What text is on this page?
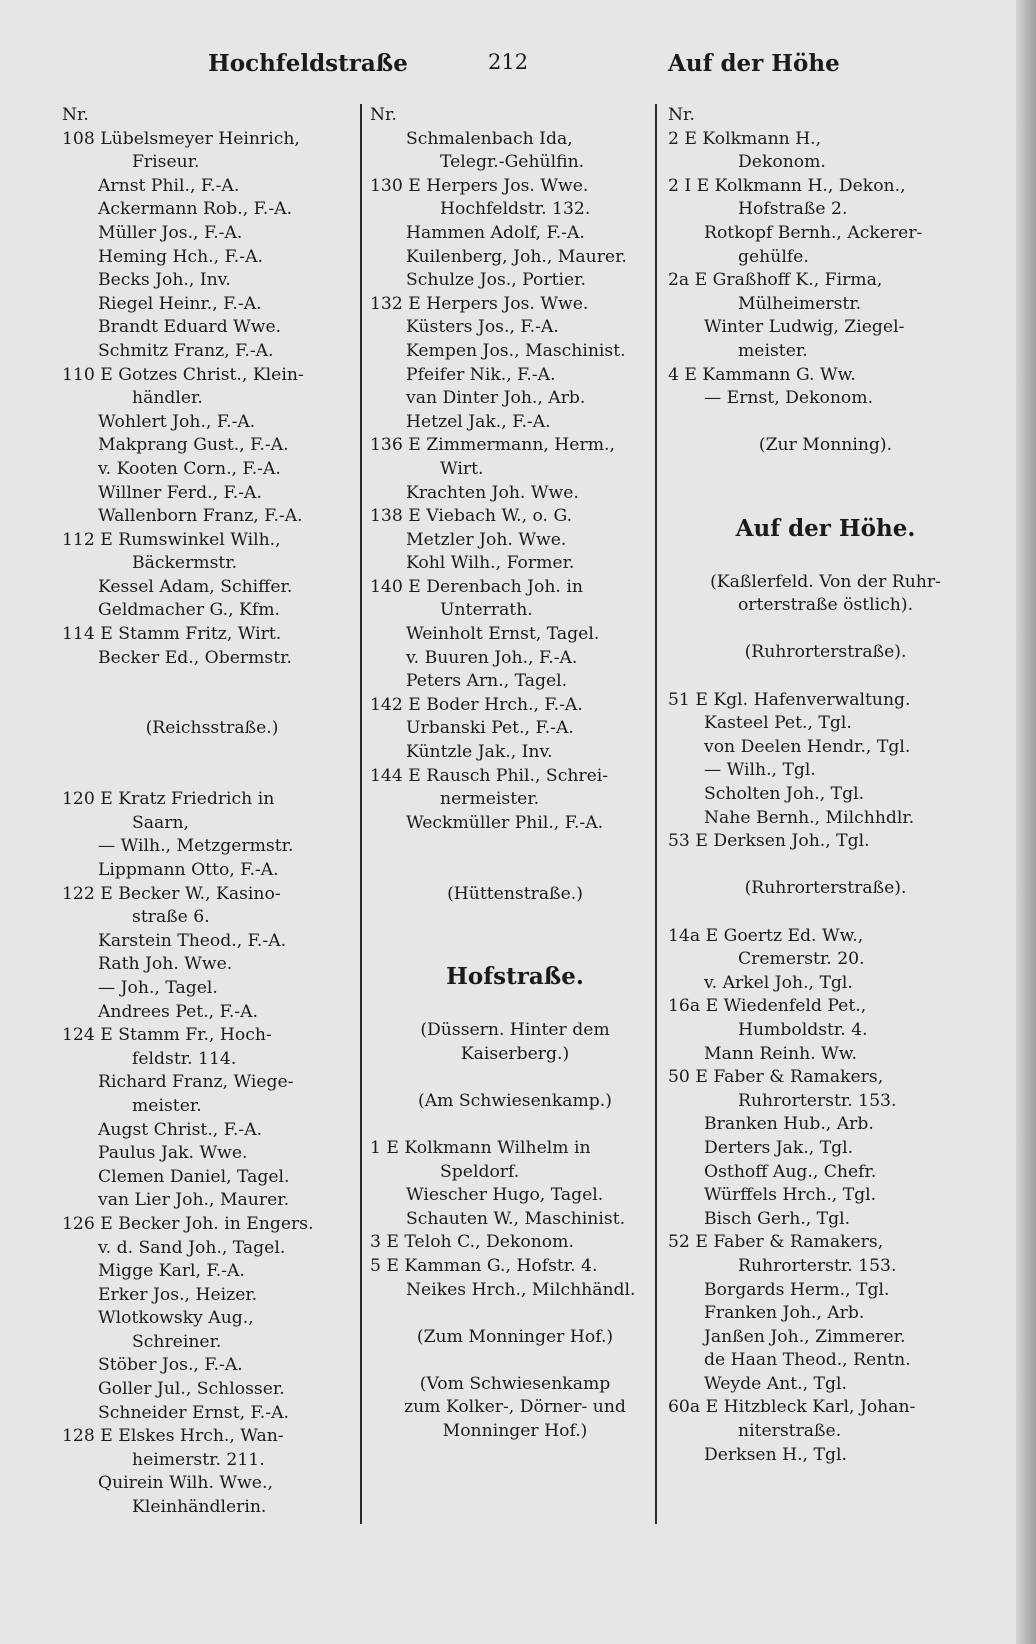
Hochfeldstraße	212	Auf der Höhe
Nr.
108 Lübelsmeyer Heinrich,
Friseur.
Arnst Phil., F.-A.
Ackermann Rob., F.-A.
Müller Jos., F.-A.
Heming Hch., F.-A.
Becks Joh., Inv.
Riegel Heinr., F.-A.
Brandt Eduard Wwe.
Schmitz Franz, F.-A.
110 E Gotzes Christ., Klein-
händler.
Wohlert Joh., F.-A.
Makprang Gust., F.-A.
v. Kooten Corn., F.-A.
Willner Ferd., F.-A.
Wallenborn Franz, F.-A.
112 E Rumswinkel Wilh.,
Bäckermstr.
Kessel Adam, Schiffer.
Geldmacher G., Kfm.
114 E Stamm Fritz, Wirt.
Becker Ed., Obermstr.
(Reichsstraße.)
120 E Kratz Friedrich in
Saarn,
— Wilh., Metzgermstr.
Lippmann Otto, F.-A.
122 E Becker W., Kasino-
straße 6.
Karstein Theod., F.-A.
Rath Joh. Wwe.
— Joh., Tagel.
Andrees Pet., F.-A.
124 E Stamm Fr., Hoch-
feldstr. 114.
Richard Franz, Wiege-
meister.
Augst Christ., F.-A.
Paulus Jak. Wwe.
Clemen Daniel, Tagel.
van Lier Joh., Maurer.
126 E Becker Joh. in Engers.
v. d. Sand Joh., Tagel.
Migge Karl, F.-A.
Erker Jos., Heizer.
Wlotkowsky Aug.,
Schreiner.
Stöber Jos., F.-A.
Goller Jul., Schlosser.
Schneider Ernst, F.-A.
128 E Elskes Hrch., Wan-
heimerstr. 211.
Quirein Wilh. Wwe.,
Kleinhändlerin.
Nr.
Schmalenbach Ida,
Telegr.-Gehülfin.
130 E Herpers Jos. Wwe.
Hochfeldstr. 132.
Hammen Adolf, F.-A.
Kuilenberg, Joh., Maurer.
Schulze Jos., Portier.
132 E Herpers Jos. Wwe.
Küsters Jos., F.-A.
Kempen Jos., Maschinist.
Pfeifer Nik., F.-A.
van Dinter Joh., Arb.
Hetzel Jak., F.-A.
136 E Zimmermann, Herm.,
Wirt.
Krachten Joh. Wwe.
138 E Viebach W., o. G.
Metzler Joh. Wwe.
Kohl Wilh., Former.
140 E Derenbach Joh. in
Unterrath.
Weinholt Ernst, Tagel.
v. Buuren Joh., F.-A.
Peters Arn., Tagel.
142 E Boder Hrch., F.-A.
Urbanski Pet., F.-A.
Küntzle Jak., Inv.
144 E Rausch Phil., Schrei-
nermeister.
Weckmüller Phil., F.-A.
(Hüttenstraße.)
Hofstraße.
(Düssern. Hinter dem
Kaiserberg.)
(Am Schwiesenkamp.)
1 E Kolkmann Wilhelm in
Speldorf.
Wiescher Hugo, Tagel.
Schauten W., Maschinist.
3 E Teloh C., Dekonom.
5 E Kamman G., Hofstr. 4.
Neikes Hrch., Milchhändl.
(Zum Monninger Hof.)
(Vom Schwiesenkamp
zum Kolker-, Dörner- und
Monninger Hof.)
Nr.
2 E Kolkmann H.,
Dekonom.
2 I E Kolkmann H., Dekon.,
Hofstraße 2.
Rotkopf Bernh., Ackerer-
gehülfe.
2a E Graßhoff K., Firma,
Mülheimerstr.
Winter Ludwig, Ziegel-
meister.
4 E Kammann G. Ww.
— Ernst, Dekonom.
(Zur Monning).
Auf der Höhe.
(Kaßlerfeld. Von der Ruhr-
orterstraße östlich).
(Ruhrorterstraße).
51 E Kgl. Hafenverwaltung.
Kasteel Pet., Tgl.
von Deelen Hendr., Tgl.
— Wilh., Tgl.
Scholten Joh., Tgl.
Nahe Bernh., Milchhdlr.
53 E Derksen Joh., Tgl.
(Ruhrorterstraße).
14a E Goertz Ed. Ww.,
Cremerstr. 20.
v. Arkel Joh., Tgl.
16a E Wiedenfeld Pet.,
Humboldstr. 4.
Mann Reinh. Ww.
50 E Faber & Ramakers,
Ruhrorterstr. 153.
Branken Hub., Arb.
Derters Jak., Tgl.
Osthoff Aug., Chefr.
Würffels Hrch., Tgl.
Bisch Gerh., Tgl.
52 E Faber & Ramakers,
Ruhrorterstr. 153.
Borgards Herm., Tgl.
Franken Joh., Arb.
Janßen Joh., Zimmerer.
de Haan Theod., Rentn.
Weyde Ant., Tgl.
60a E Hitzbleck Karl, Johan-
niterstraße.
Derksen H., Tgl.
